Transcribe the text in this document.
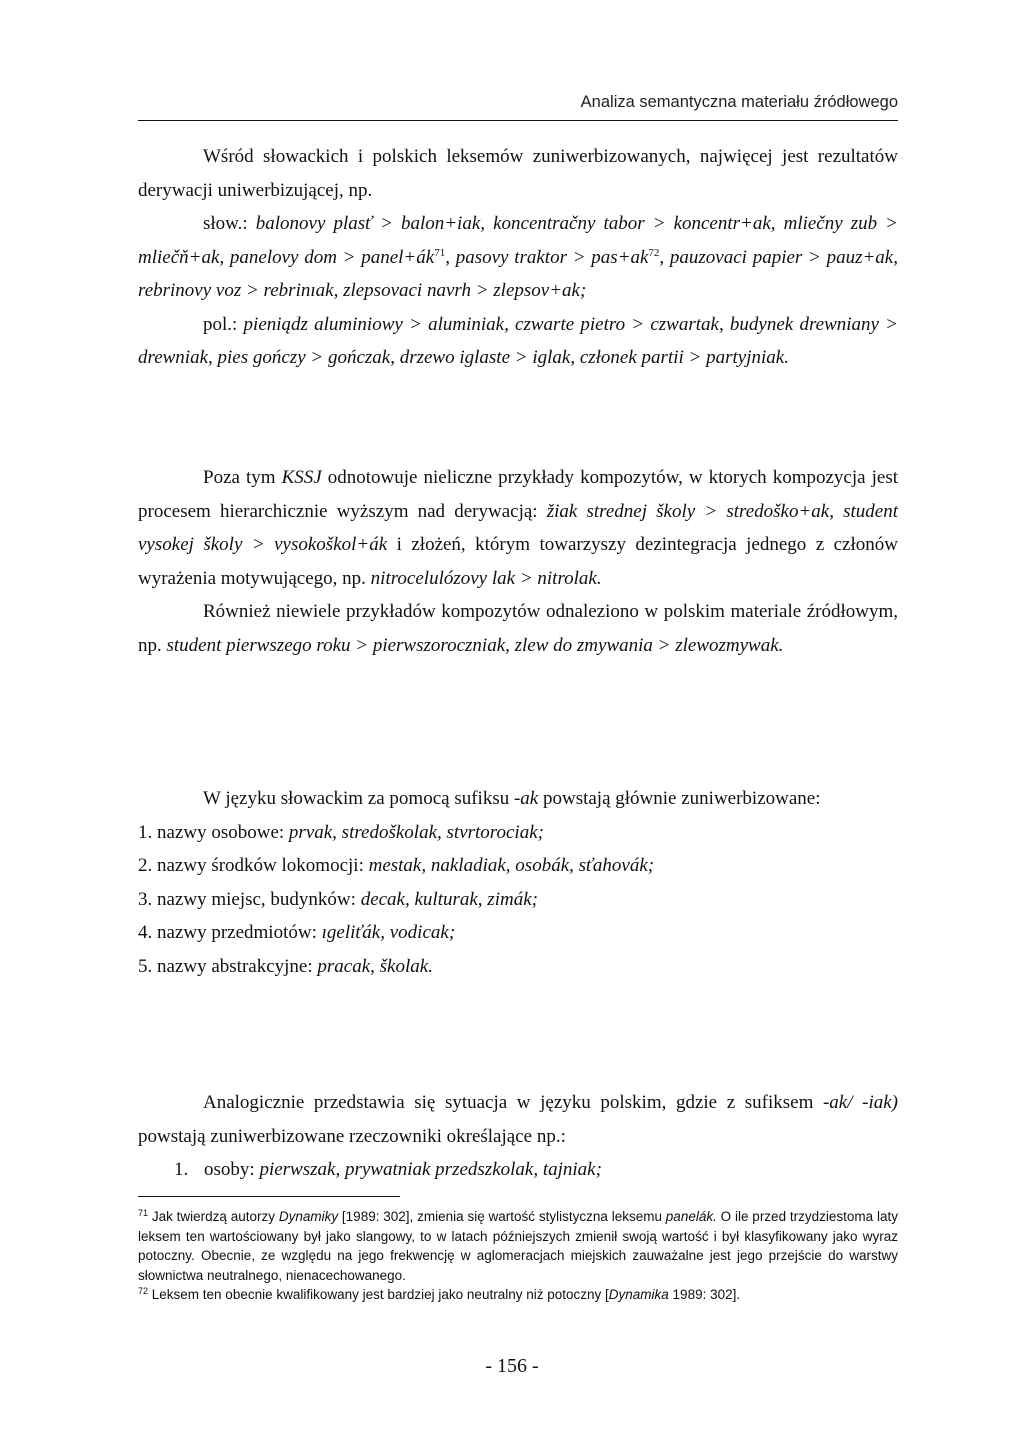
Analiza semantyczna materiału źródłowego

Wśród słowackich i polskich leksemów zuniwerbizowanych, najwięcej jest rezultatów derywacji uniwerbizującej, np.

słow.: balonovy plasť > balon+iak, koncentračny tabor > koncentr+ak, mliečny zub > mliečň+ak, panelovy dom > $panel+ák^{71}$, pasovy traktor > $pas+ak^{72}$, pauzovaci papier > pauz+ak, rebrinovy voz > rebrinıak, zlepsovaci navrh > zlepsov+ak;

pol.: pieniądz aluminiowy > aluminiak, czwarte pietro > czwartak, budynek drewniany > drewniak, pies gończy > gończak, drzewo iglaste > iglak, członek partii > partyjniak.

Poza tym KSSJ odnotowuje nieliczne przykłady kompozytów, w ktorych kompozycja jest procesem hierarchicznie wyższym nad derywacją: žiak strednej školy > stredoško+ak, student vysokej školy > vysokoškol+ák i złożeń, którym towarzyszy dezintegracja jednego z członów wyrażenia motywującego, np. nitrocelulózovy lak > nitrolak.

Również niewiele przykładów kompozytów odnaleziono w polskim materiale źródłowym, np. student pierwszego roku > pierwszoroczniak, zlew do zmywania > zlewozmywak.

W języku słowackim za pomocą sufiksu -ak powstają głównie zuniwerbizowane:

1. nazwy osobowe: prvak, stredoškolak, stvrtorociak;
2. nazwy środków lokomocji: mestak, nakladiak, osobák, sťahovák;
3. nazwy miejsc, budynków: decak, kulturak, zimák;
4. nazwy przedmiotów: ıgeliťák, vodicak;
5. nazwy abstrakcyjne: pracak, školak.

Analogicznie przedstawia się sytuacja w języku polskim, gdzie z sufiksem -ak/ -iak) powstają zuniwerbizowane rzeczowniki określające np.:

1. osoby: pierwszak, prywatniak przedszkolak, tajniak;

$^{71}$ Jak twierdzą autorzy Dynamiky [1989: 302], zmienia się wartość stylistyczna leksemu panelák. O ile przed trzydziestoma laty leksem ten wartościowany był jako slangowy, to w latach późniejszych zmienił swoją wartość i był klasyfikowany jako wyraz potoczny. Obecnie, ze względu na jego frekwencję w aglomeracjach miejskich zauważalne jest jego przejście do warstwy słownictwa neutralnego, nienacechowanego.

$^{72}$ Leksem ten obecnie kwalifikowany jest bardziej jako neutralny niż potoczny [Dynamika 1989: 302].

- 156 -
